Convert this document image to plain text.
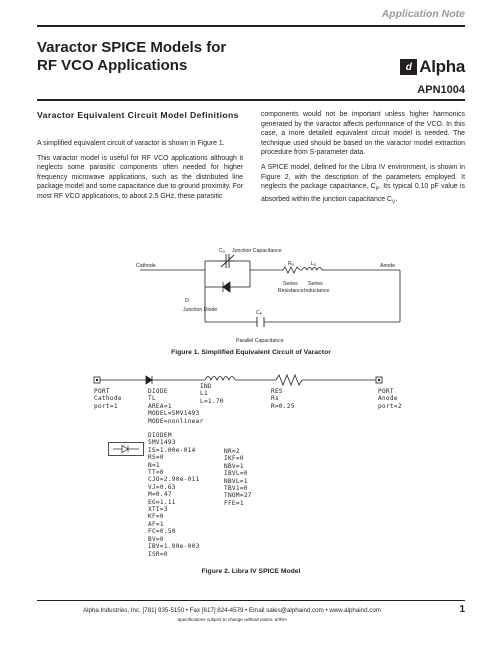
Application Note
Varactor SPICE Models for
RF VCO Applications	d Alpha
APN1004
Varactor Equivalent Circuit Model Definitions
A simplified equivalent circuit of varactor is shown in Figure 1.
This varactor model is useful for RF VCO applications although it neglects some parasitic components often needed for higher frequency microwave applications, such as the distributed line package model and some capacitance due to ground proximity. For most RF VCO applications, to about 2.5 GHz, these parasitic
components would not be important unless higher harmonics generated by the varactor affects performance of the VCO. In this case, a more detailed equivalent circuit model is needed. The technique used should be based on the varactor model extraction procedure from S-parameter data.
A SPICE model, defined for the Libra IV environment, is shown in Figure 2, with the description of the parameters employed. It neglects the package capacitance, $C_P$. Its typical 0.10 pF value is absorbed within the junction capacitance $C_V$.
CV Junction Capacitance
Cathode	Anode
RS	LS
Series
Resistance
Series
Inductance
D
Junction Diode	CP
Parallel Capacitance
Figure 1. Simplified Equivalent Circuit of Varactor
PORT
Cathode
port=1
DIODE
TL
AREA=1
MODEL=SMV1493
MODE=nonlinear
IND
L1
L=1.70
RES
Rs
R=0.25
PORT
Anode
port=2
DIODEM
SMV1493
IS=1.00e-014
RS=0
N=1
TT=0
CJO=2.90e-011
VJ=0.63
M=0.47
EG=1.11
XTI=3
KF=0
AF=1
FC=0.50
BV=0
IBV=1.00e-003
ISR=0
NR=2
IKF=0
NBV=1
IBVL=0
NBVL=1
TBV1=0
TNOM=27
FFE=1
Figure 2. Libra IV SPICE Model
Alpha Industries, Inc. [781] 935-5150 • Fax [617] 824-4579 • Email sales@alphaind.com • www.alphaind.com	1
Specifications subject to change without notice. 6/99A
